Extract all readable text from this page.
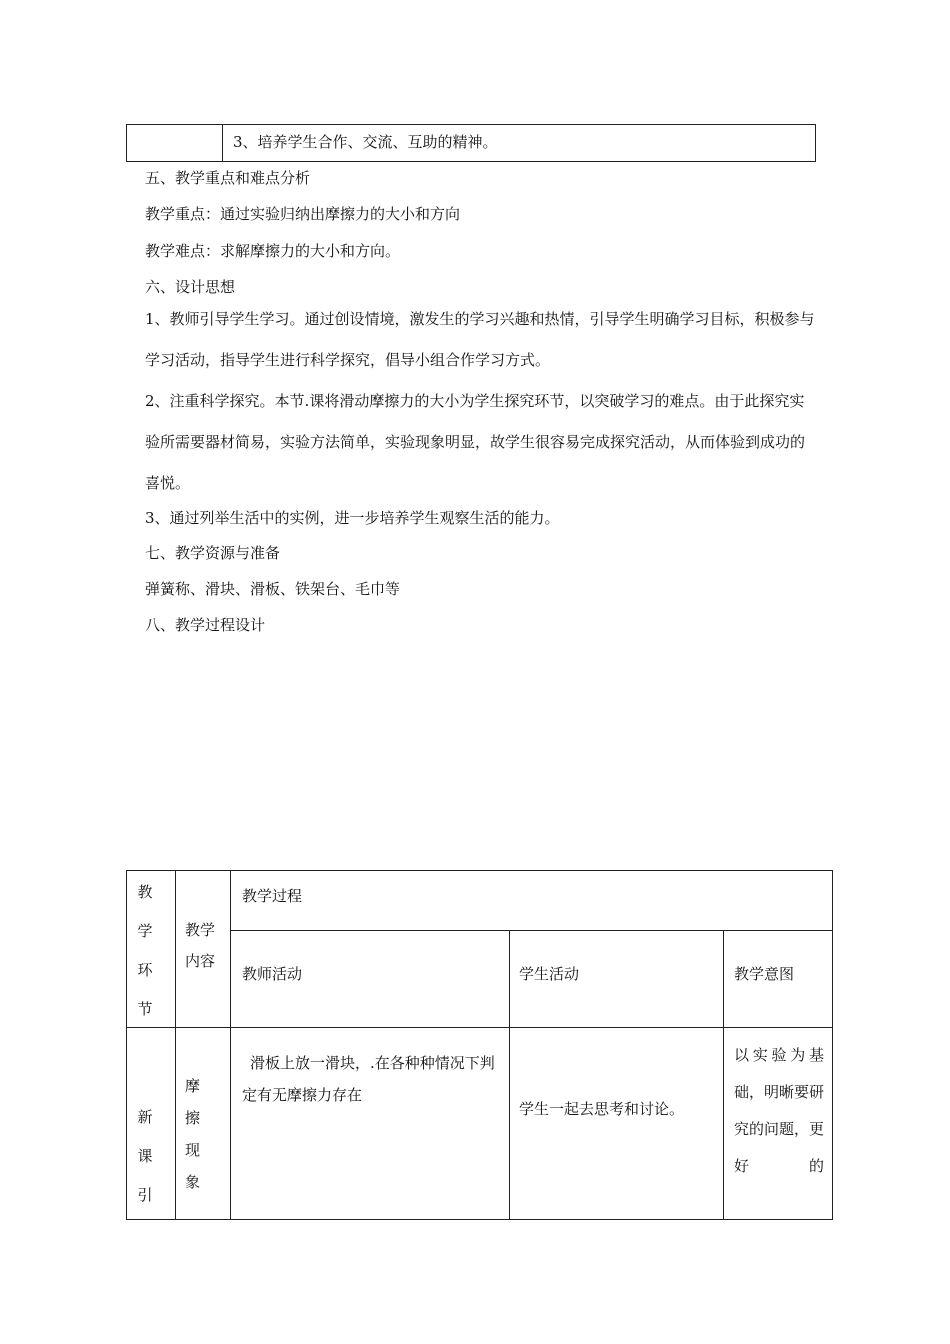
3、培养学生合作、交流、互助的精神。
五、教学重点和难点分析
教学重点：通过实验归纳出摩擦力的大小和方向
教学难点：求解摩擦力的大小和方向。
六、设计思想
1、教师引导学生学习。通过创设情境，激发生的学习兴趣和热情，引导学生明确学习目标，积极参与学习活动，指导学生进行科学探究，倡导小组合作学习方式。
2、注重科学探究。本节.课将滑动摩擦力的大小为学生探究环节，以突破学习的难点。由于此探究实验所需要器材简易，实验方法简单，实验现象明显，故学生很容易完成探究活动，从而体验到成功的喜悦。
3、通过列举生活中的实例，进一步培养学生观察生活的能力。
七、教学资源与准备
弹簧称、滑块、滑板、铁架台、毛巾等
八、教学过程设计
教
学
环
节
教学
内容
教学过程
教师活动	学生活动	教学意图
新
课
引
摩擦
现象
滑板上放一滑块，.在各种种情况下判定有无摩擦力存在
学生一起去思考和讨论。
以实验为基础，明晰要研究的问题，更好的
